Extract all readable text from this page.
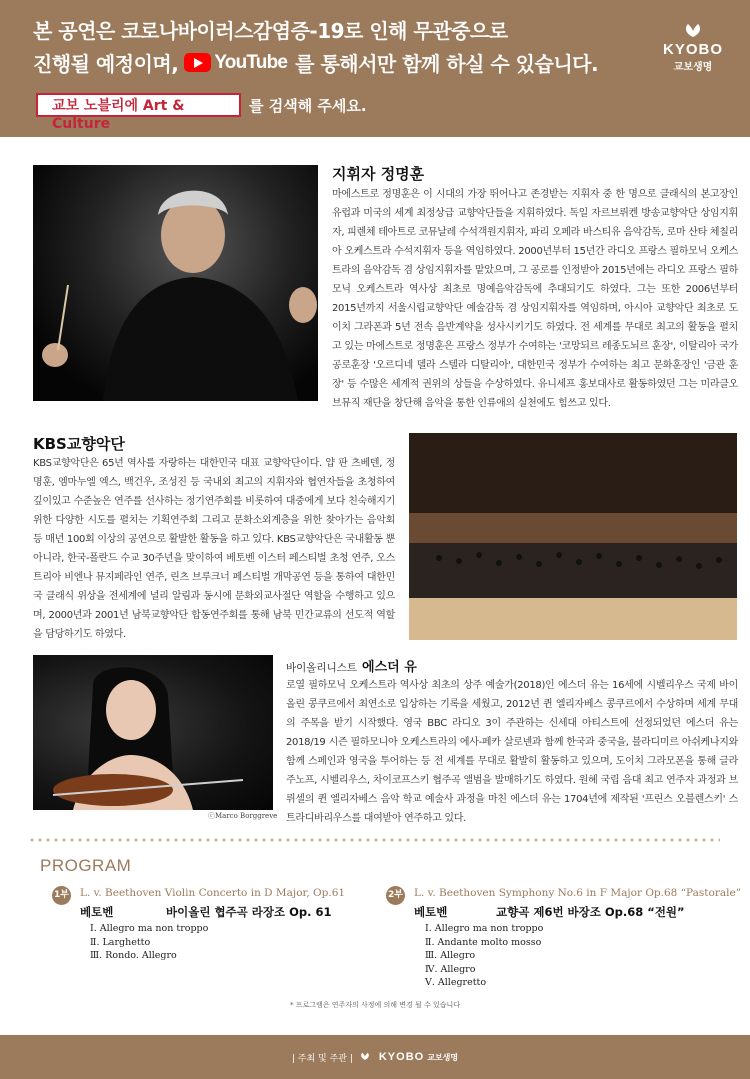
본 공연은 코로나바이러스감염증-19로 인해 무관중으로
진행될 예정이며, YouTube 를 통해서만 함께 하실 수 있습니다.
교보 노블리에 Art & Culture
를 검색해 주세요.
KYOBO
교보생명
지휘자 정명훈
마에스트로 정명훈은 이 시대의 가장 뛰어나고 존경받는 지휘자 중 한 명으로 클래식의 본고장인 유럽과 미국의 세계 최정상급 교향악단들을 지휘하였다. 독일 자르브뤼켄 방송교향악단 상임지휘자, 피렌체 테아트로 코뮤날레 수석객원지휘자, 파리 오페라 바스티유 음악감독, 로마 산타 체칠리아 오케스트라 수석지휘자 등을 역임하였다. 2000년부터 15년간 라디오 프랑스 필하모닉 오케스트라의 음악감독 겸 상임지휘자를 맡았으며, 그 공로를 인정받아 2015년에는 라디오 프랑스 필하모닉 오케스트라 역사상 최초로 명예음악감독에 추대되기도 하였다. 그는 또한 2006년부터 2015년까지 서울시립교향악단 예술감독 겸 상임지휘자를 역임하며, 아시아 교향악단 최초로 도이치 그라폰과 5년 전속 음반계약을 성사시키기도 하였다. 전 세계를 무대로 최고의 활동을 펼치고 있는 마에스트로 정명훈은 프랑스 정부가 수여하는 '코망되르 레종도뇌르 훈장', 이탈리아 국가공로훈장 '오르디네 델라 스텔라 디탈리아', 대한민국 정부가 수여하는 최고 문화훈장인 '금관 훈장' 등 수많은 세계적 권위의 상들을 수상하였다. 유니세프 홍보대사로 활동하였던 그는 미라클오브뮤직 재단을 창단해 음악을 통한 인류애의 실천에도 힘쓰고 있다.
KBS교향악단
KBS교향악단은 65년 역사를 자랑하는 대한민국 대표 교향악단이다. 얍 판 츠베덴, 정명훈, 엠마누엘 엑스, 백건우, 조성진 등 국내외 최고의 지휘자와 협연자들을 초청하여 깊이있고 수준높은 연주를 선사하는 정기연주회를 비롯하여 대중에게 보다 친숙해지기 위한 다양한 시도를 펼치는 기획연주회 그리고 문화소외계층을 위한 찾아가는 음악회 등 매년 100회 이상의 공연으로 활발한 활동을 하고 있다. KBS교향악단은 국내활동 뿐 아니라, 한국-폴란드 수교 30주년을 맞이하여 베토벤 이스터 페스티벌 초청 연주, 오스트리아 비엔나 뮤지페라인 연주, 린츠 브루크너 페스티벌 개막공연 등을 통하여 대한민국 클래식 위상을 전세계에 널리 알림과 동시에 문화외교사절단 역할을 수행하고 있으며, 2000년과 2001년 남북교향악단 합동연주회를 통해 남북 민간교류의 선도적 역할을 담당하기도 하였다.
ⓒMarco Borggreve
바이올리니스트 에스더 유
로열 필하모닉 오케스트라 역사상 최초의 상주 예술가(2018)인 에스더 유는 16세에 시벨리우스 국제 바이올린 콩쿠르에서 최연소로 입상하는 기록을 세웠고, 2012년 퀸 엘리자베스 콩쿠르에서 수상하며 세계 무대의 주목을 받기 시작했다. 영국 BBC 라디오 3이 주관하는 신세대 아티스트에 선정되었던 에스더 유는 2018/19 시즌 필하모니아 오케스트라의 에사-페카 살로넨과 함께 한국과 중국을, 블라디미르 아쉬케나지와 함께 스페인과 영국을 투어하는 등 전 세계를 무대로 활발히 활동하고 있으며, 도이치 그라모폰을 통해 글라주노프, 시벨리우스, 차이코프스키 협주곡 앨범을 발매하기도 하였다. 원혜 국립 음대 최고 연주자 과정과 브뤼셀의 퀸 엘리자베스 음악 학교 예술사 과정을 마친 에스더 유는 1704년에 제작된 '프린스 오블렌스키' 스트라디바리우스를 대여받아 연주하고 있다.
PROGRAM
1부 L. v. Beethoven Violin Concerto in D Major, Op.61
베토벤	바이올린 협주곡 라장조 Op. 61
Ⅰ. Allegro ma non troppo
Ⅱ. Larghetto
Ⅲ. Rondo. Allegro
2부 L. v. Beethoven Symphony No.6 in F Major Op.68 “Pastorale”
베토벤	교향곡 제6번 바장조 Op.68 “전원”
Ⅰ. Allegro ma non troppo
Ⅱ. Andante molto mosso
Ⅲ. Allegro
Ⅳ. Allegro
Ⅴ. Allegretto
* 프로그램은 연주자의 사정에 의해 변경 될 수 있습니다
| 주최 및 주관 | KYOBO 교보생명
